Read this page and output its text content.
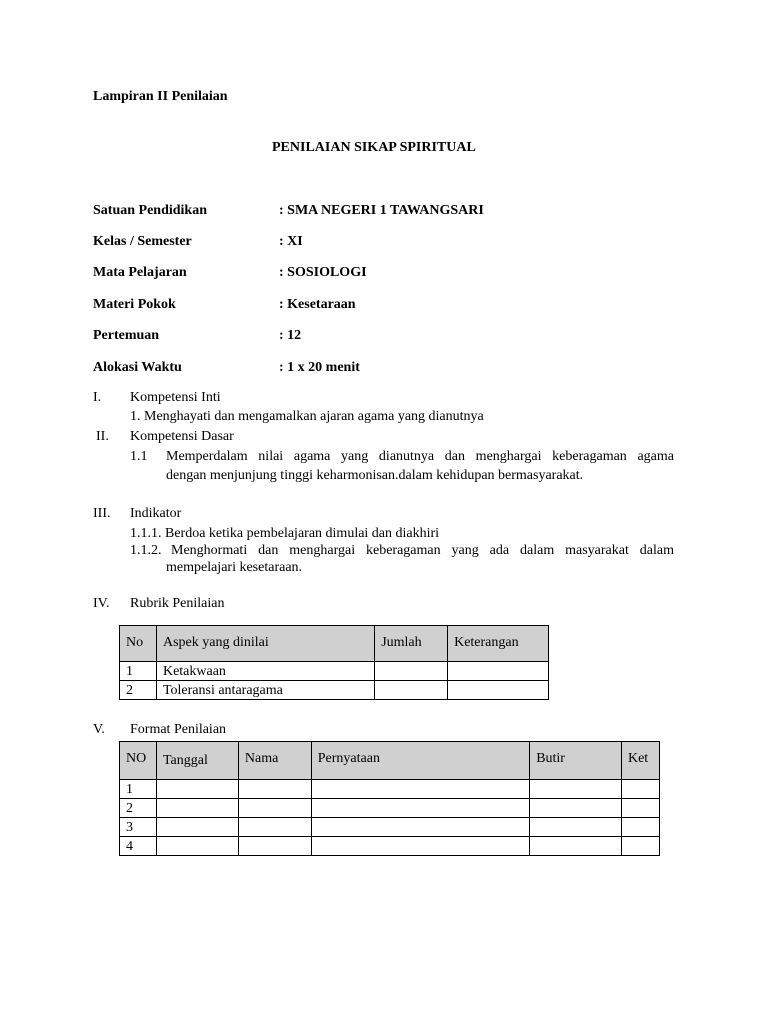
Lampiran II Penilaian
PENILAIAN SIKAP SPIRITUAL
Satuan Pendidikan	: SMA NEGERI 1 TAWANGSARI
Kelas / Semester	: XI
Mata Pelajaran	: SOSIOLOGI
Materi Pokok	: Kesetaraan
Pertemuan	: 12
Alokasi Waktu	: 1 x 20 menit
I. Kompetensi Inti
1. Menghayati dan mengamalkan ajaran agama yang dianutnya
II. Kompetensi Dasar
1.1 Memperdalam nilai agama yang dianutnya dan menghargai keberagaman agama
dengan menjunjung tinggi keharmonisan.dalam kehidupan bermasyarakat.
III. Indikator
1.1.1. Berdoa ketika pembelajaran dimulai dan diakhiri
1.1.2. Menghormati dan menghargai keberagaman yang ada dalam masyarakat dalam
mempelajari kesetaraan.
IV. Rubrik Penilaian
No	Aspek yang dinilai	Jumlah	Keterangan
1	Ketakwaan		
2	Toleransi antaragama		
V. Format Penilaian
NO	Tanggal	Nama	Pernyataan	Butir	Ket
1					
2					
3					
4					
